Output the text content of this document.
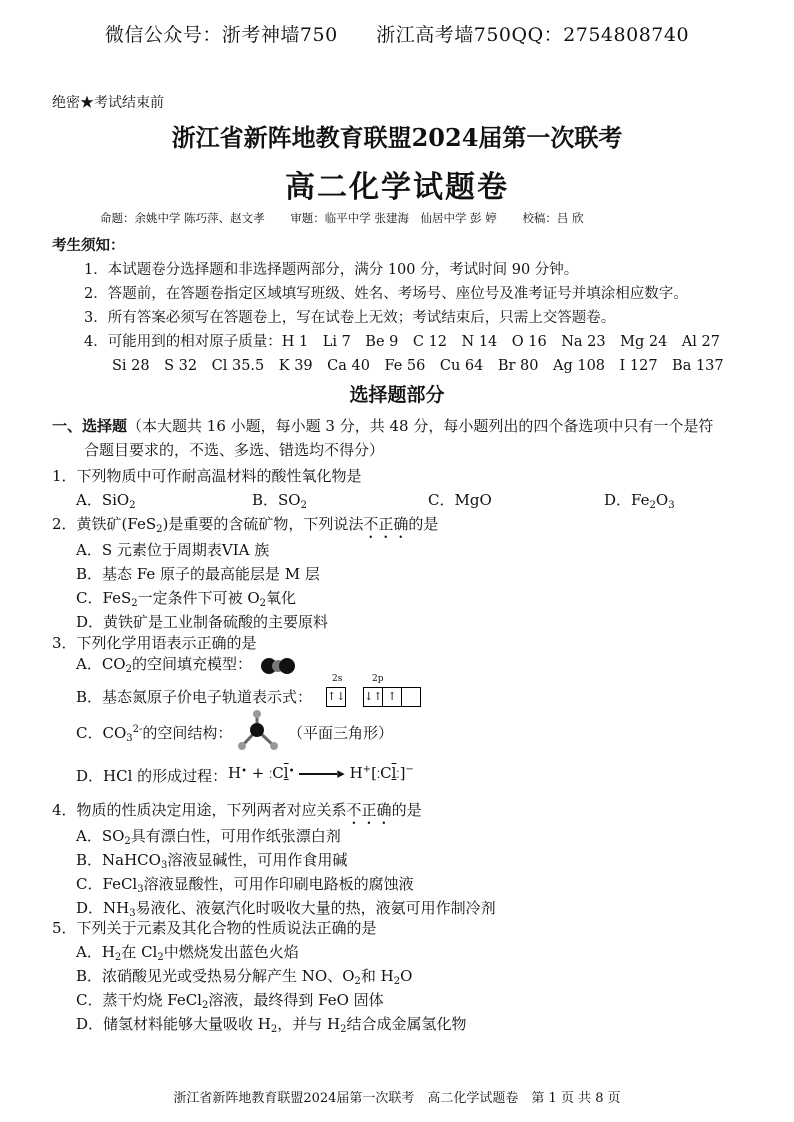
微信公众号：浙考神墙750 浙江高考墙750QQ：2754808740
绝密★考试结束前
浙江省新阵地教育联盟2024届第一次联考
高二化学试题卷
命题：余姚中学 陈巧萍、赵文孝 审题：临平中学 张建海　仙居中学 彭 婷 校稿：吕 欣
考生须知：
1．本试题卷分选择题和非选择题两部分，满分 100 分，考试时间 90 分钟。
2．答题前，在答题卷指定区域填写班级、姓名、考场号、座位号及准考证号并填涂相应数字。
3．所有答案必须写在答题卷上，写在试卷上无效；考试结束后，只需上交答题卷。
4．可能用到的相对原子质量：H 1　Li 7　Be 9　C 12　N 14　O 16　Na 23　Mg 24　Al 27
Si 28　S 32　Cl 35.5　K 39　Ca 40　Fe 56　Cu 64　Br 80　Ag 108　I 127　Ba 137
选择题部分
一、选择题（本大题共 16 小题，每小题 3 分，共 48 分，每小题列出的四个备选项中只有一个是符
合题目要求的，不选、多选、错选均不得分）
1．下列物质中可作耐高温材料的酸性氧化物是
A．SiO$_2$	B．$SO_2$	C．MgO	D．$Fe_2O_3$
2．黄铁矿(FeS$_2$)是重要的含硫矿物，下列说法不正确的是
A．S 元素位于周期表VIA 族
B．基态 Fe 原子的最高能层是 M 层
C．FeS$_2$一定条件下可被 $O_2$氧化
D．黄铁矿是工业制备硫酸的主要原料
3．下列化学用语表示正确的是
A．$CO_2$的空间填充模型：
B．基态氮原子价电子轨道表示式：
2s	2p
↑↓ ↓↑ ↑
C．$CO_3^{2-}$的空间结构：	（平面三角形）
D．HCl 的形成过程： H• + ⁚Cl•	▸ H+[⁚Cl⁚]−
4．物质的性质决定用途，下列两者对应关系不正确的是
A．$SO_2$具有漂白性，可用作纸张漂白剂
B．NaHCO$_3$溶液显碱性，可用作食用碱
C．FeCl$_3$溶液显酸性，可用作印刷电路板的腐蚀液
D．$NH_3$易液化、液氨汽化时吸收大量的热，液氨可用作制冷剂
5．下列关于元素及其化合物的性质说法正确的是
A．$H_2$在 $Cl_2$中燃烧发出蓝色火焰
B．浓硝酸见光或受热易分解产生 NO、$O_2$和 $H_2O$
C．蒸干灼烧 FeCl$_2$溶液，最终得到 FeO 固体
D．储氢材料能够大量吸收 $H_2$，并与 $H_2$结合成金属氢化物
浙江省新阵地教育联盟2024届第一次联考　高二化学试题卷　第 1 页 共 8 页
